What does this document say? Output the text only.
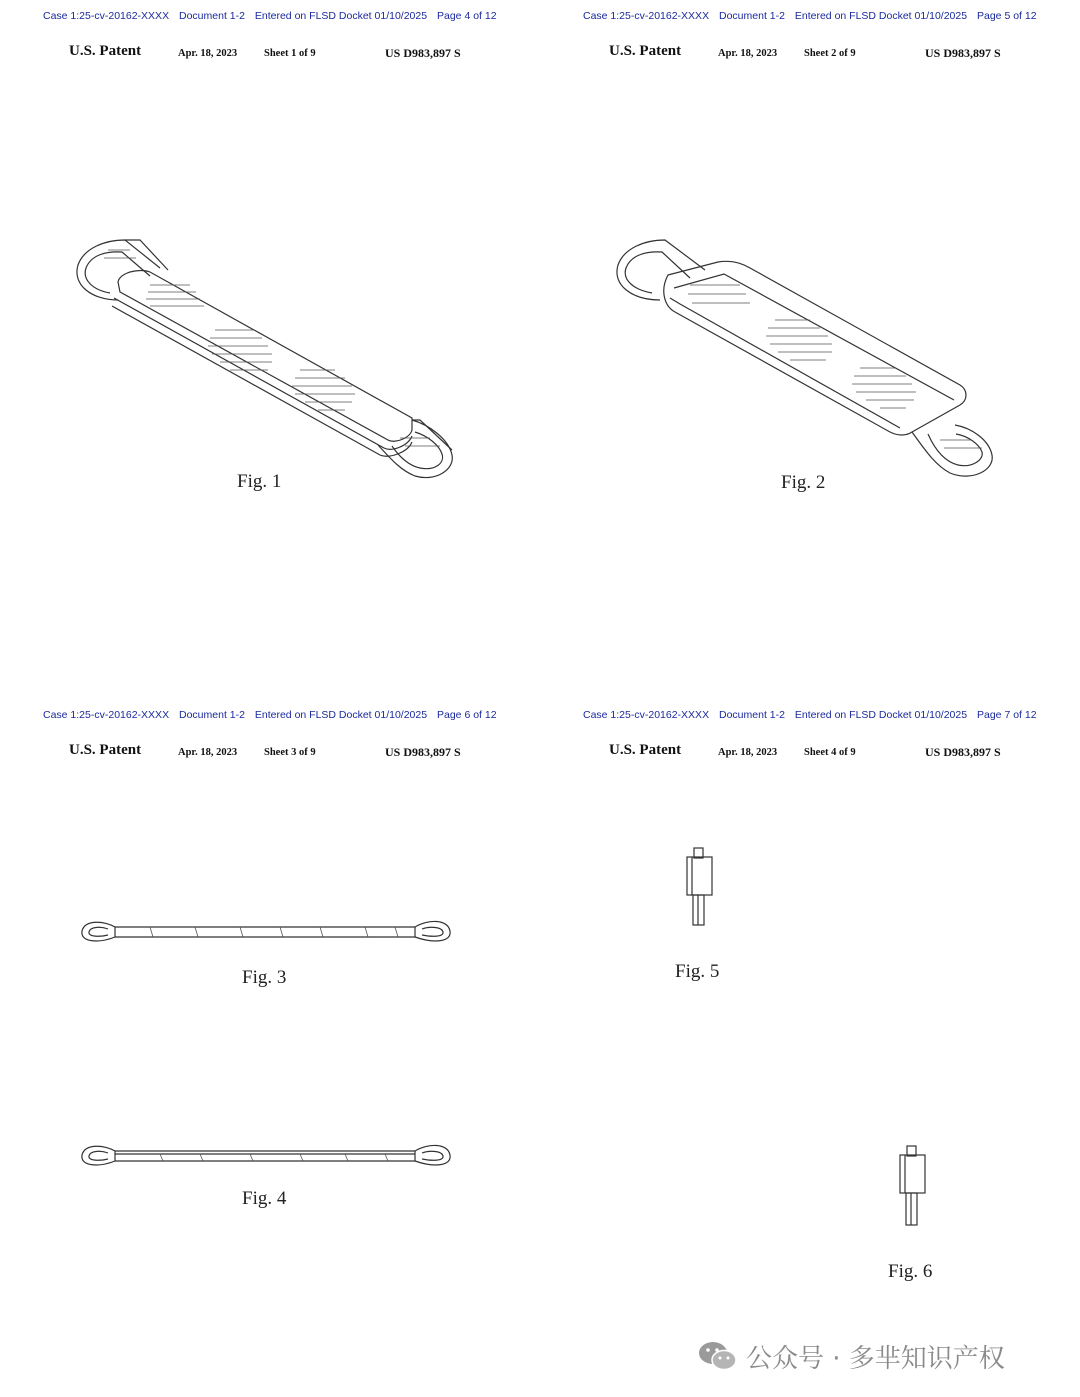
Case 1:25-cv-20162-XXXX Document 1-2 Entered on FLSD Docket 01/10/2025 Page 4 of 12
U.S. Patent	Apr. 18, 2023	Sheet 1 of 9	US D983,897 S
Fig. 1
Case 1:25-cv-20162-XXXX Document 1-2 Entered on FLSD Docket 01/10/2025 Page 5 of 12
U.S. Patent	Apr. 18, 2023	Sheet 2 of 9	US D983,897 S
Fig. 2
Case 1:25-cv-20162-XXXX Document 1-2 Entered on FLSD Docket 01/10/2025 Page 6 of 12
U.S. Patent	Apr. 18, 2023	Sheet 3 of 9	US D983,897 S
Fig. 3
Fig. 4
Case 1:25-cv-20162-XXXX Document 1-2 Entered on FLSD Docket 01/10/2025 Page 7 of 12
U.S. Patent	Apr. 18, 2023	Sheet 4 of 9	US D983,897 S
Fig. 5
Fig. 6
公众号 · 多芈知识产权
